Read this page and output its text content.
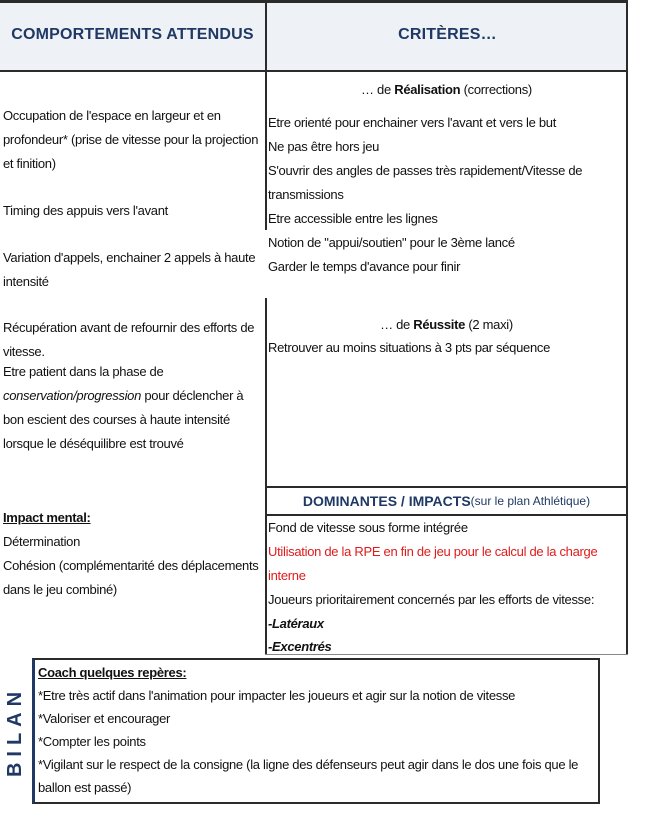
COMPORTEMENTS ATTENDUS	CRITÈRES…

Occupation de l'espace en largeur et en profondeur* (prise de vitesse pour la projection et finition)

Timing des appuis vers l'avant

Variation d'appels, enchainer 2 appels à haute intensité

Récupération avant de refournir des efforts de vitesse.

Etre patient dans la phase de conservation/progression pour déclencher à bon escient des courses à haute intensité lorsque le déséquilibre est trouvé

Impact mental:

Détermination

Cohésion (complémentarité des déplacements dans le jeu combiné)

… de Réalisation (corrections)

Etre orienté pour enchainer vers l'avant et vers le but

Ne pas être hors jeu

S'ouvrir des angles de passes très rapidement/Vitesse de transmissions

Etre accessible entre les lignes

Notion de "appui/soutien" pour le 3ème lancé

Garder le temps d'avance pour finir

… de Réussite (2 maxi)

Retrouver au moins situations à 3 pts par séquence

DOMINANTES / IMPACTS (sur le plan Athlétique)

Fond de vitesse sous forme intégrée

Utilisation de la RPE en fin de jeu pour le calcul de la charge interne

Joueurs prioritairement concernés par les efforts de vitesse:

-Latéraux

-Excentrés

BILAN

Coach quelques repères:

*Etre très actif dans l'animation pour impacter les joueurs et agir sur la notion de vitesse

*Valoriser et encourager

*Compter les points

*Vigilant sur le respect de la consigne (la ligne des défenseurs peut agir dans le dos une fois que le ballon est passé)
